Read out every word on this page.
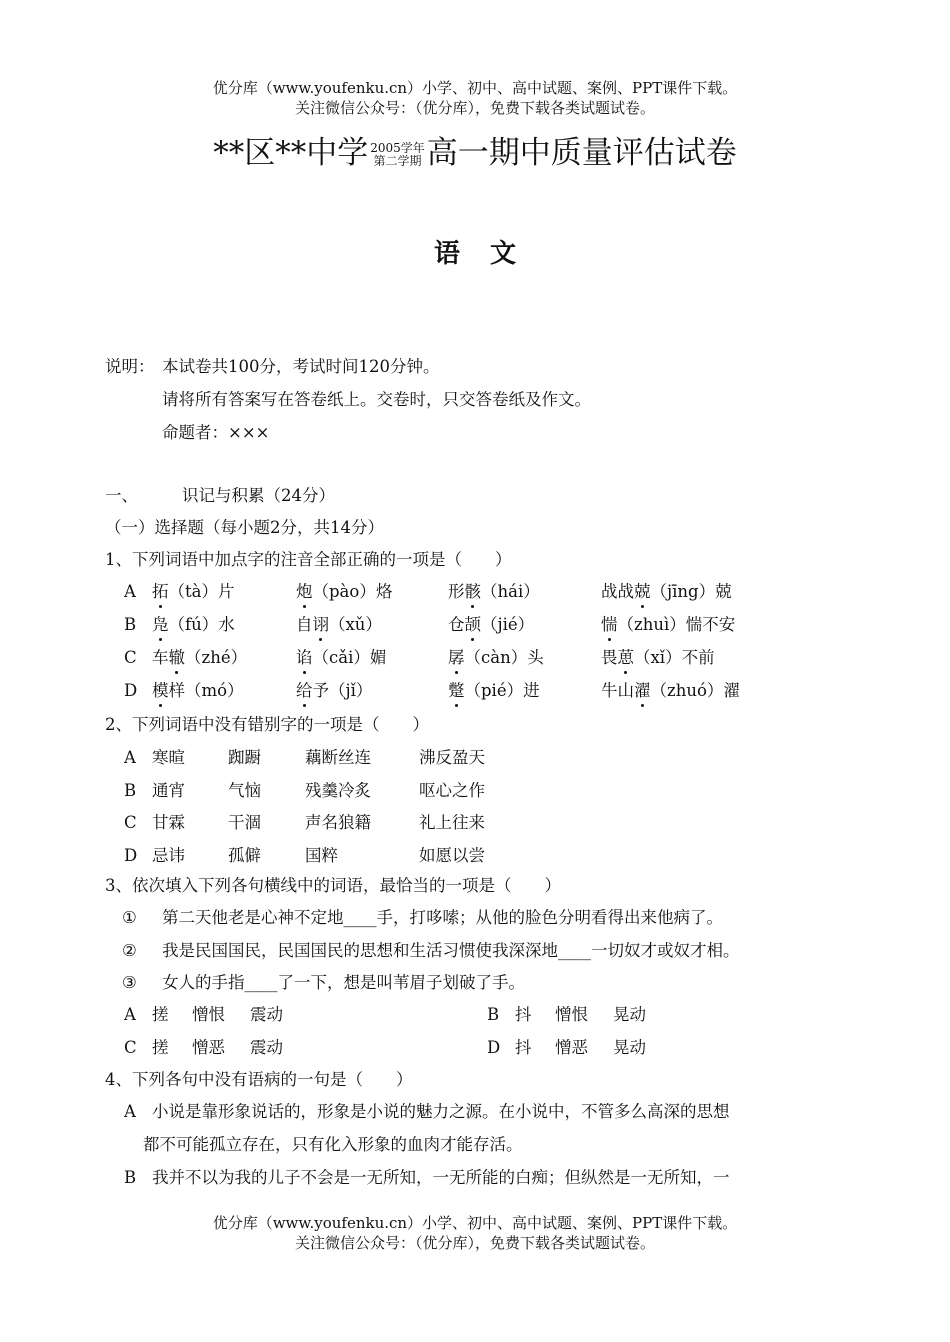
优分库（www.youfenku.cn）小学、初中、高中试题、案例、PPT课件下载。
关注微信公众号：（优分库），免费下载各类试题试卷。
**区**中学 2005学年
第二学期 高一期中质量评估试卷
语文
说明： 本试卷共100分，考试时间120分钟。
请将所有答案写在答卷纸上。交卷时，只交答卷纸及作文。
命题者：×××
一、	识记与积累（24分）
（一）选择题（每小题2分，共14分）
1、下列词语中加点字的注音全部正确的一项是（　　）
A 拓（tà）片	炮（pào）烙	形骸（hái）	战战兢（jīng）兢
B 凫（fú）水	自诩（xǔ）	仓颉（jié）	惴（zhuì）惴不安
C 车辙（zhé）	谄（cǎi）媚	孱（càn）头	畏葸（xǐ）不前
D 模样（mó）	给予（jǐ）	蹩（pié）进	牛山濯（zhuó）濯
2、下列词语中没有错别字的一项是（　　）
A 寒暄	踟蹰	藕断丝连	沸反盈天
B 通宵	气恼	残羹冷炙	呕心之作
C 甘霖	干涸	声名狼籍	礼上往来
D 忌讳	孤僻	国粹	如愿以尝
3、依次填入下列各句横线中的词语，最恰当的一项是（　　）
① 第二天他老是心神不定地____手，打哆嗦；从他的脸色分明看得出来他病了。
② 我是民国国民，民国国民的思想和生活习惯使我深深地____一切奴才或奴才相。
③ 女人的手指____了一下，想是叫苇眉子划破了手。
A 搓 憎恨 震动	B 抖 憎恨 晃动
C 搓 憎恶 震动	D 抖 憎恶 晃动
4、下列各句中没有语病的一句是（　　）
A 小说是靠形象说话的，形象是小说的魅力之源。在小说中，不管多么高深的思想
都不可能孤立存在，只有化入形象的血肉才能存活。
B 我并不以为我的儿子不会是一无所知，一无所能的白痴；但纵然是一无所知，一
优分库（www.youfenku.cn）小学、初中、高中试题、案例、PPT课件下载。
关注微信公众号：（优分库），免费下载各类试题试卷。
